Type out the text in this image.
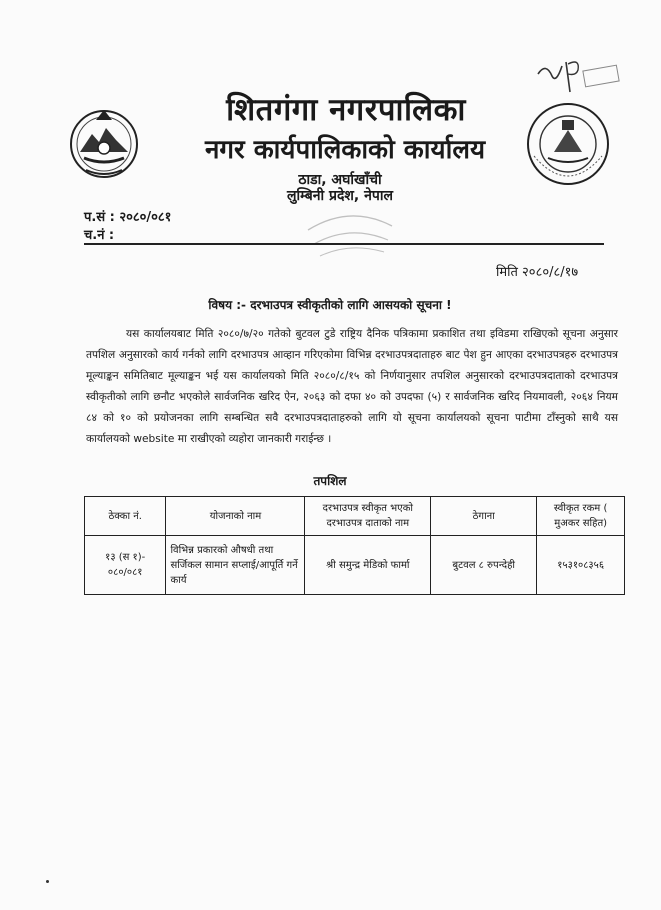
शितगंगा नगरपालिका
नगर कार्यपालिकाको कार्यालय
ठाडा, अर्घाखाँची
लुम्बिनी प्रदेश, नेपाल
प.सं : २०८०/०८१
च.नं :
मिति २०८०/८/१७
विषय :- दरभाउपत्र स्वीकृतीको लागि आसयको सूचना !
यस कार्यालयबाट मिति २०८०/७/२० गतेको बुटवल टुडे राष्ट्रिय दैनिक पत्रिकामा प्रकाशित तथा इविडमा राखिएको सूचना अनुसार तपशिल अनुसारको कार्य गर्नको लागि दरभाउपत्र आव्हान गरिएकोमा विभिन्न दरभाउपत्रदाताहरु बाट पेश हुन आएका दरभाउपत्रहरु दरभाउपत्र मूल्याङ्कन समितिबाट मूल्याङ्कन भई यस कार्यालयको मिति २०८०/८/१५ को निर्णयानुसार तपशिल अनुसारको दरभाउपत्रदाताको दरभाउपत्र स्वीकृतीको लागि छनौट भएकोले सार्वजनिक खरिद ऐन, २०६३ को दफा ४० को उपदफा (५) र सार्वजनिक खरिद नियमावली, २०६४ नियम ८४ को १० को प्रयोजनका लागि सम्बन्धित सवै दरभाउपत्रदाताहरुको लागि यो सूचना कार्यालयको सूचना पाटीमा टाँस्नुको साथै यस कार्यालयको website मा राखीएको व्यहोरा जानकारी गराईन्छ ।
तपशिल
ठेक्का नं.	योजनाको नाम	दरभाउपत्र स्वीकृत भएको दरभाउपत्र दाताको नाम	ठेगाना	स्वीकृत रकम ( मुअकर सहित)
१३ (स १)- ०८०/०८१	विभिन्न प्रकारको औषधी तथा सर्जिकल सामान सप्लाई/आपूर्ति गर्ने कार्य	श्री समुन्द्र मेडिको फार्मा	बुटवल ८ रुपन्देही	१५३१०८३५६
